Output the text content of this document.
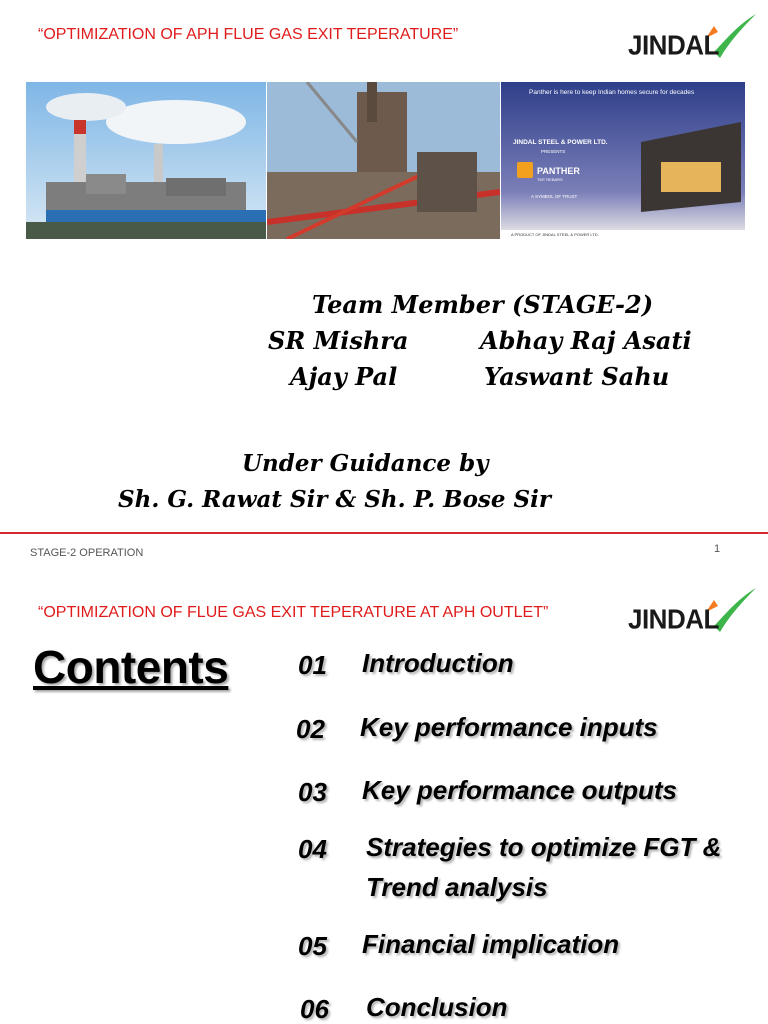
“OPTIMIZATION OF APH FLUE GAS EXIT TEPERATURE”	JINDAL
Panther is here to keep Indian homes secure for decades
JINDAL STEEL & POWER LTD.
PRESENTS
PANTHER
TMT REBARS
A SYMBOL OF TRUST
A PRODUCT OF JINDAL STEEL & POWER LTD.
Team Member (STAGE-2)
SR Mishra	Abhay Raj Asati
Ajay Pal	Yaswant Sahu
Under Guidance by
Sh. G. Rawat Sir & Sh. P. Bose Sir
STAGE-2 OPERATION	1
“OPTIMIZATION OF FLUE GAS EXIT TEPERATURE AT APH OUTLET”	JINDAL
Contents	01 Introduction
02 Key performance inputs
03 Key performance outputs
04 Strategies to optimize FGT & Trend analysis
05 Financial implication
06 Conclusion
